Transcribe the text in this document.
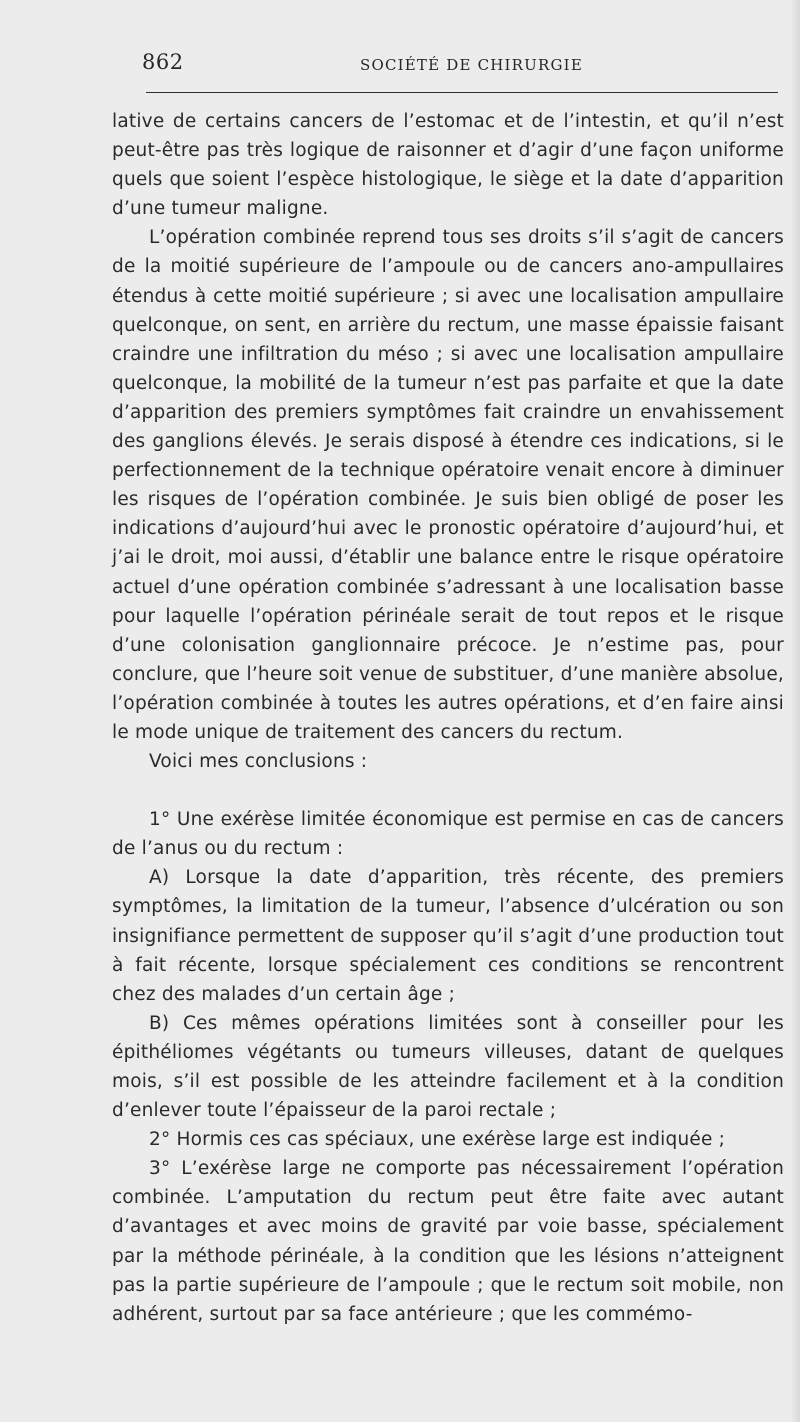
862	SOCIÉTÉ DE CHIRURGIE

lative de certains cancers de l’estomac et de l’intestin, et qu’il n’est peut-être pas très logique de raisonner et d’agir d’une façon uniforme quels que soient l’espèce histologique, le siège et la date d’apparition d’une tumeur maligne.

L’opération combinée reprend tous ses droits s’il s’agit de cancers de la moitié supérieure de l’ampoule ou de cancers ano-ampullaires étendus à cette moitié supérieure ; si avec une localisation ampullaire quelconque, on sent, en arrière du rectum, une masse épaissie faisant craindre une infiltration du méso ; si avec une localisation ampullaire quelconque, la mobilité de la tumeur n’est pas parfaite et que la date d’apparition des premiers symptômes fait craindre un envahissement des ganglions élevés. Je serais disposé à étendre ces indications, si le perfectionnement de la technique opératoire venait encore à diminuer les risques de l’opération combinée. Je suis bien obligé de poser les indications d’aujourd’hui avec le pronostic opératoire d’aujourd’hui, et j’ai le droit, moi aussi, d’établir une balance entre le risque opératoire actuel d’une opération combinée s’adressant à une localisation basse pour laquelle l’opération périnéale serait de tout repos et le risque d’une colonisation ganglionnaire précoce. Je n’estime pas, pour conclure, que l’heure soit venue de substituer, d’une manière absolue, l’opération combinée à toutes les autres opérations, et d’en faire ainsi le mode unique de traitement des cancers du rectum.

Voici mes conclusions :

1° Une exérèse limitée économique est permise en cas de cancers de l’anus ou du rectum :

A) Lorsque la date d’apparition, très récente, des premiers symptômes, la limitation de la tumeur, l’absence d’ulcération ou son insignifiance permettent de supposer qu’il s’agit d’une production tout à fait récente, lorsque spécialement ces conditions se rencontrent chez des malades d’un certain âge ;

B) Ces mêmes opérations limitées sont à conseiller pour les épithéliomes végétants ou tumeurs villeuses, datant de quelques mois, s’il est possible de les atteindre facilement et à la condition d’enlever toute l’épaisseur de la paroi rectale ;

2° Hormis ces cas spéciaux, une exérèse large est indiquée ;

3° L’exérèse large ne comporte pas nécessairement l’opération combinée. L’amputation du rectum peut être faite avec autant d’avantages et avec moins de gravité par voie basse, spécialement par la méthode périnéale, à la condition que les lésions n’atteignent pas la partie supérieure de l’ampoule ; que le rectum soit mobile, non adhérent, surtout par sa face antérieure ; que les commémo-
